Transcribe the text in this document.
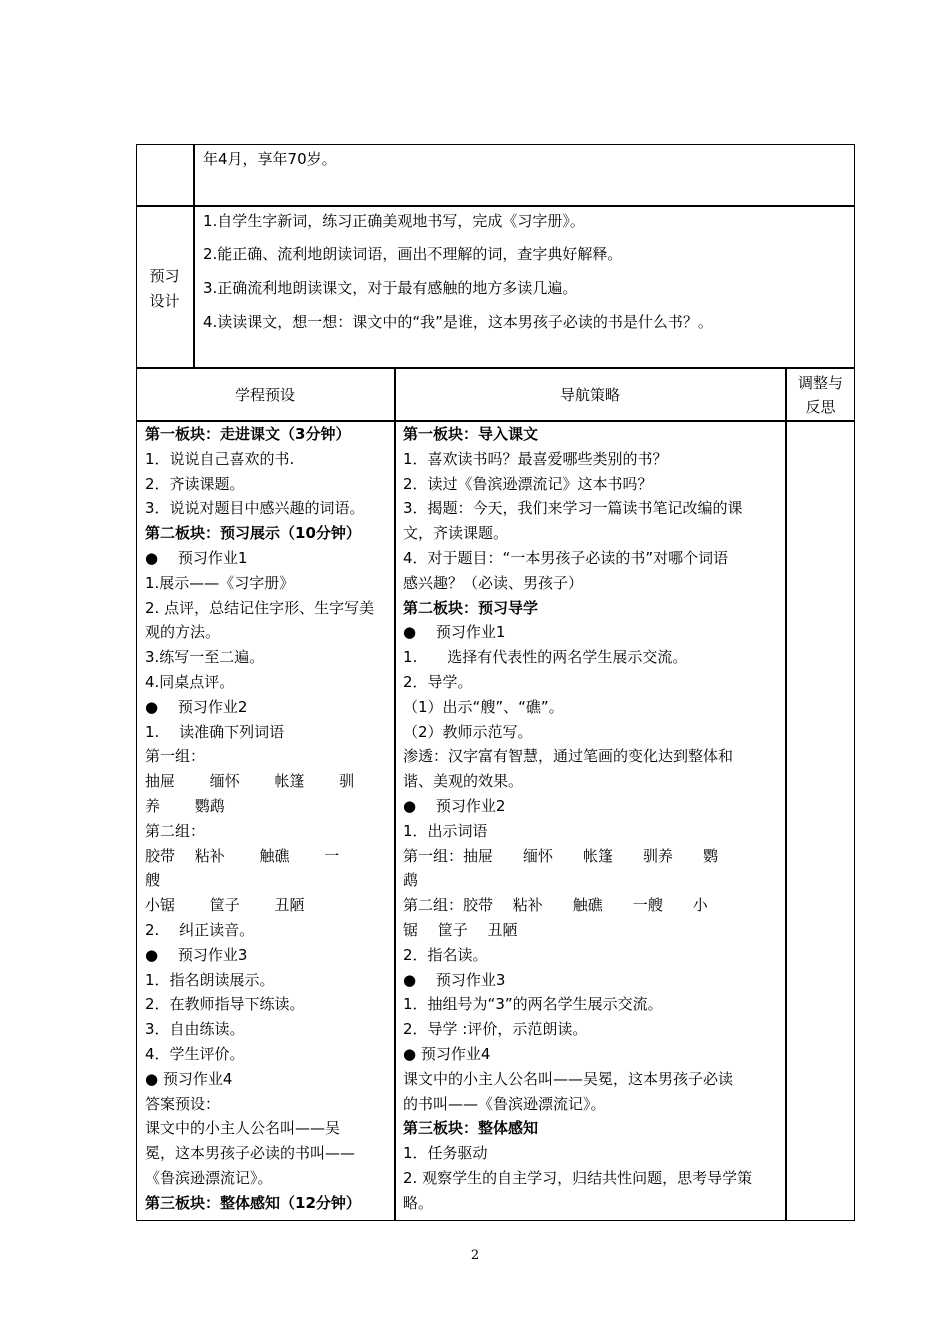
年4月，享年70岁。
预习
设计
1.自学生字新词，练习正确美观地书写，完成《习字册》。
2.能正确、流利地朗读词语，画出不理解的词，查字典好解释。
3.正确流利地朗读课文，对于最有感触的地方多读几遍。
4.读读课文，想一想：课文中的“我”是谁，这本男孩子必读的书是什么书？。
学程预设	导航策略
调整与
反思
第一板块：走进课文（3分钟）
1．说说自己喜欢的书.
2．齐读课题。
3．说说对题目中感兴趣的词语。
第二板块：预习展示（10分钟）
●　 预习作业1
1.展示——《习字册》
2. 点评，总结记住字形、生字写美
观的方法。
3.练写一至二遍。
4.同桌点评。
●　 预习作业2
1.　 读准确下列词语
第一组：
抽屉　　 缅怀　　 帐篷　　 驯
养　　 鹦鹉
第二组：
胶带　 粘补　　 触礁　　 一
艘
小锯　　 筐子　　 丑陋
2.　 纠正读音。
●　 预习作业3
1．指名朗读展示。
2．在教师指导下练读。
3．自由练读。
4．学生评价。
● 预习作业4
答案预设：
课文中的小主人公名叫——吴
冕，这本男孩子必读的书叫——
《鲁滨逊漂流记》。
第三板块：整体感知（12分钟）
第一板块：导入课文
1．喜欢读书吗？最喜爱哪些类别的书？
2．读过《鲁滨逊漂流记》这本书吗？
3．揭题：今天，我们来学习一篇读书笔记改编的课
文，齐读课题。
4．对于题目：“一本男孩子必读的书”对哪个词语
感兴趣？（必读、男孩子）
第二板块：预习导学
●　 预习作业1
1.　　选择有代表性的两名学生展示交流。
2．导学。
（1）出示“艘”、“礁”。
（2）教师示范写。
渗透：汉字富有智慧，通过笔画的变化达到整体和
谐、美观的效果。
●　 预习作业2
1．出示词语
第一组：抽屉　　缅怀　　帐篷　　驯养　　鹦
鹉
第二组：胶带　 粘补　　触礁　　一艘　　小
锯　 筐子　 丑陋
2．指名读。
●　 预习作业3
1．抽组号为“3”的两名学生展示交流。
2．导学 :评价，示范朗读。
● 预习作业4
课文中的小主人公名叫——吴冕，这本男孩子必读
的书叫——《鲁滨逊漂流记》。
第三板块：整体感知
1．任务驱动
2. 观察学生的自主学习，归结共性问题，思考导学策
略。
2
